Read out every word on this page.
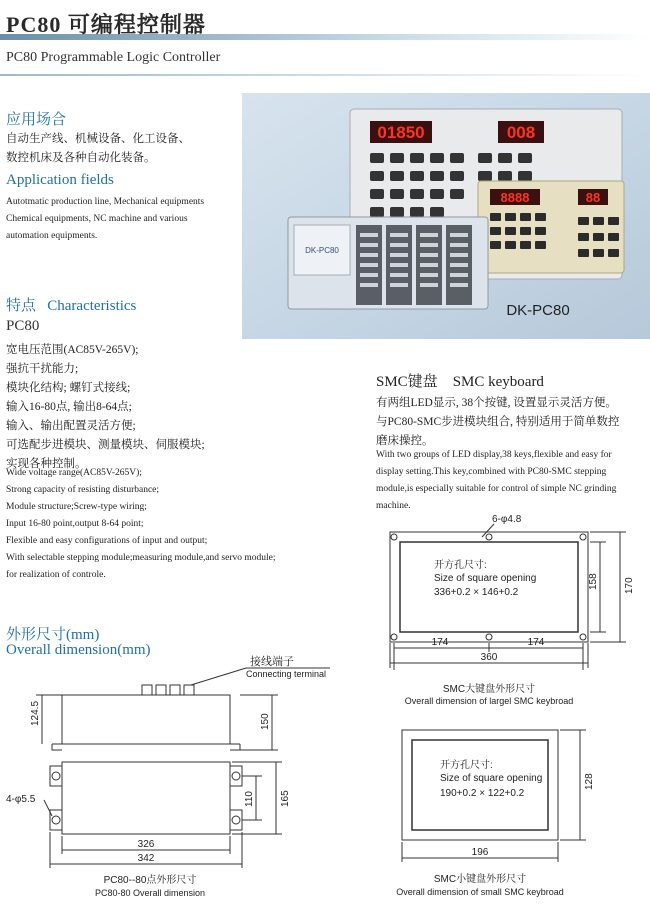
PC80 可编程控制器
PC80 Programmable Logic Controller
应用场合
自动生产线、机械设备、化工设备、
数控机床及各种自动化装备。
Application fields
Autotmatic production line, Mechanical equipments
Chemical equipments, NC machine and various
automation equipments.
特点 Characteristics
PC80
宽电压范围(AC85V-265V);
强抗干扰能力;
模块化结构; 螺钉式接线;
输入16-80点, 输出8-64点;
输入、输出配置灵活方便;
可选配步进模块、测量模块、伺服模块;
实现各种控制。
Wide voltage range(AC85V-265V);
Strong capacity of resisting disturbance;
Module structure;Screw-type wiring;
Input 16-80 point,output 8-64 point;
Flexible and easy configurations of input and output;
With selectable stepping module;measuring module,and servo module;
for realization of controle.
01850	008
8888	88
DK-PC80
DK-PC80
SMC键盘 SMC keyboard
有两组LED显示, 38个按键, 设置显示灵活方便。
与PC80-SMC步进模块组合, 特别适用于简单数控
磨床操控。
With two groups of LED display,38 keys,flexible and easy for
display setting.This key,combined with PC80-SMC stepping
module,is especially suitable for control of simple NC grinding
machine.
外形尺寸(mm)
Overall dimension(mm)
接线端子
Connecting terminal
124.5	150
110	165
4-φ5.5
326
342
PC80--80点外形尺寸
PC80-80 Overall dimension
6-φ4.8
开方孔尺寸:
Size of square opening
336+0.2 × 146+0.2
158	170
174	174
360
SMC大键盘外形尺寸
Overall dimension of largel SMC keybroad
开方孔尺寸:
Size of square opening
190+0.2 × 122+0.2
128
196
SMC小键盘外形尺寸
Overall dimension of small SMC keybroad
